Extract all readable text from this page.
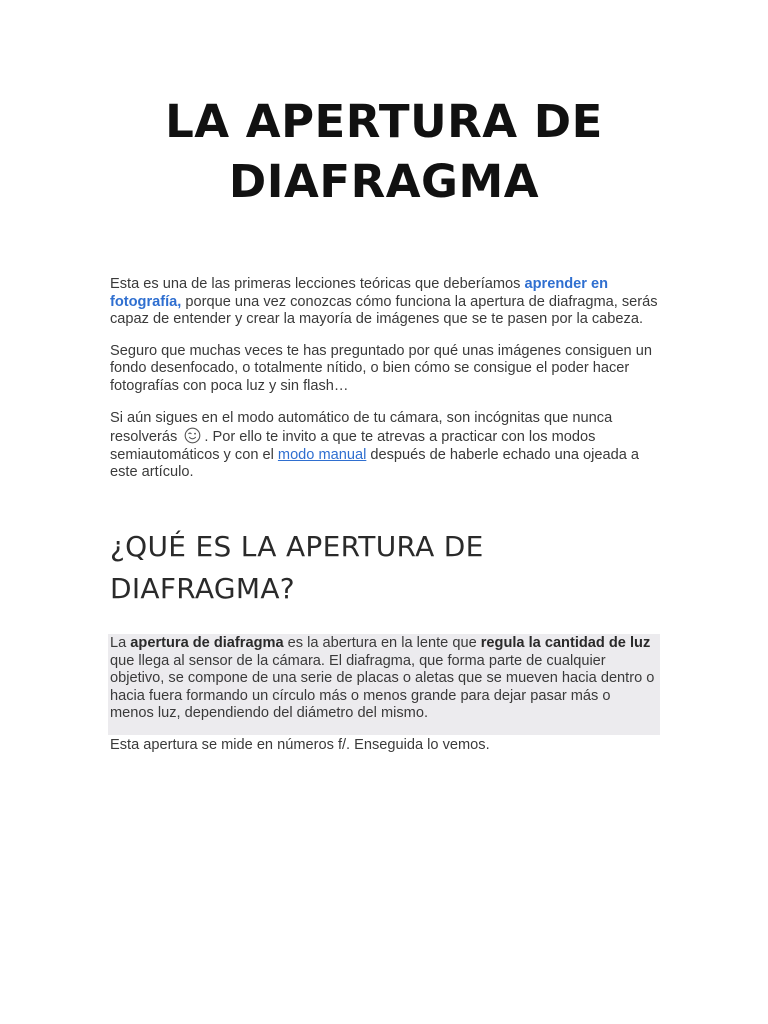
LA APERTURA DE
DIAFRAGMA

Esta es una de las primeras lecciones teóricas que deberíamos aprender en fotografía, porque una vez conozcas cómo funciona la apertura de diafragma, serás capaz de entender y crear la mayoría de imágenes que se te pasen por la cabeza.

Seguro que muchas veces te has preguntado por qué unas imágenes consiguen un fondo desenfocado, o totalmente nítido, o bien cómo se consigue el poder hacer fotografías con poca luz y sin flash…

Si aún sigues en el modo automático de tu cámara, son incógnitas que nunca resolverás . Por ello te invito a que te atrevas a practicar con los modos semiautomáticos y con el modo manual después de haberle echado una ojeada a este artículo.

¿QUÉ ES LA APERTURA DE DIAFRAGMA?

La apertura de diafragma es la abertura en la lente que regula la cantidad de luz que llega al sensor de la cámara. El diafragma, que forma parte de cualquier objetivo, se compone de una serie de placas o aletas que se mueven hacia dentro o hacia fuera formando un círculo más o menos grande para dejar pasar más o menos luz, dependiendo del diámetro del mismo.

Esta apertura se mide en números f/. Enseguida lo vemos.
